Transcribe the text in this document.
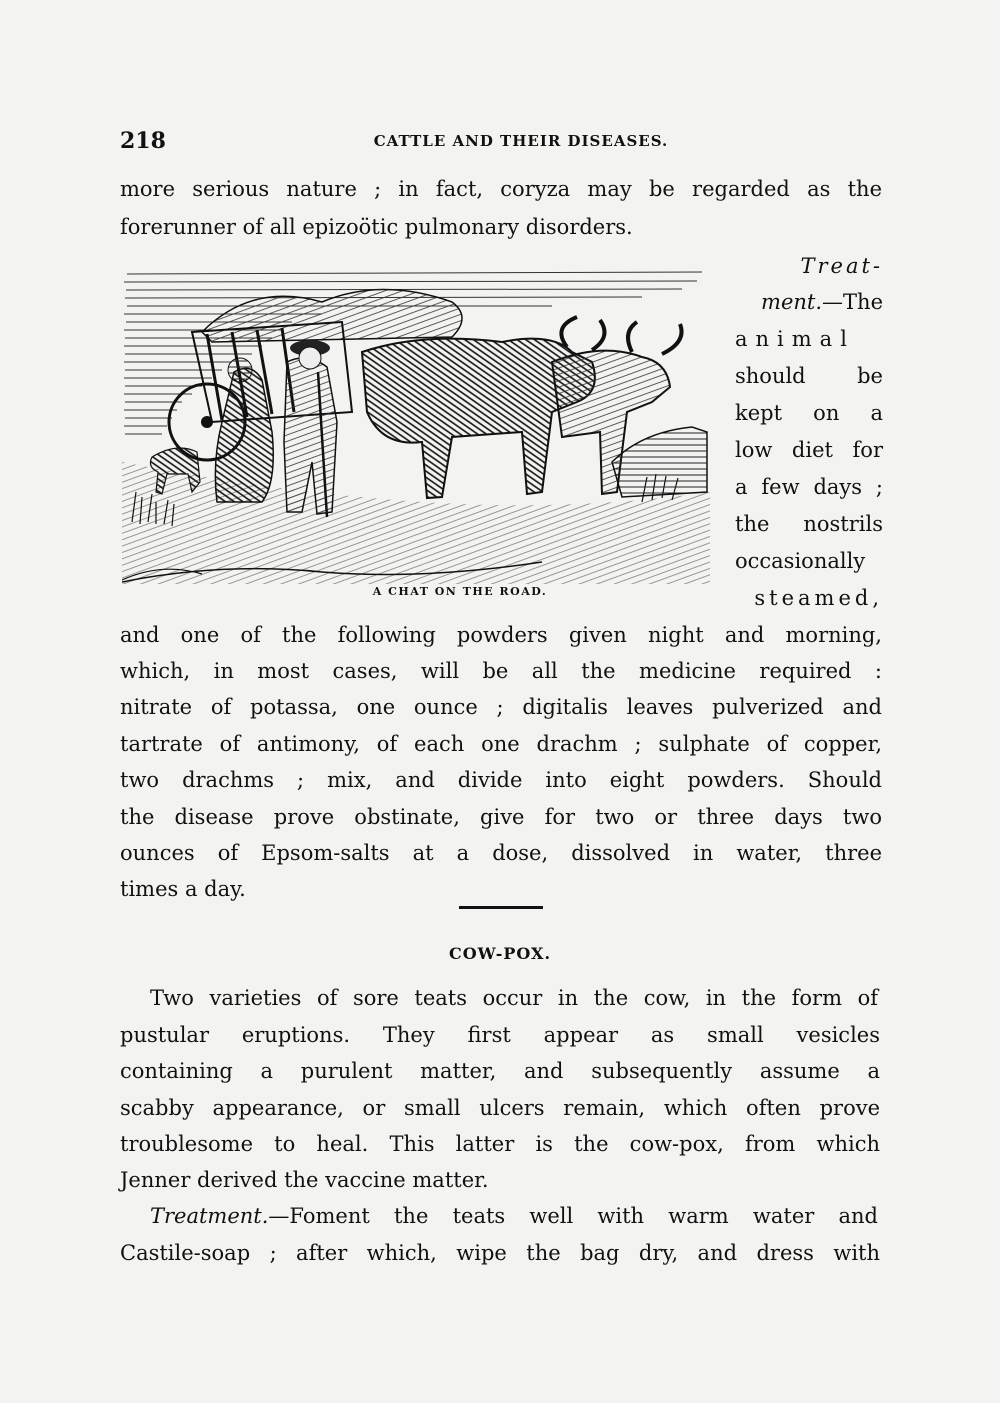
218	CATTLE AND THEIR DISEASES.
more serious nature ; in fact, coryza may be regarded as the
forerunner of all epizoötic pulmonary disorders.
Treat-
ment.—The
animal
should be
kept on a
low diet for
a few days ;
the nostrils
occasionally
steamed,
A CHAT ON THE ROAD.
and one of the following powders given night and morning,
which, in most cases, will be all the medicine required :
nitrate of potassa, one ounce ; digitalis leaves pulverized and
tartrate of antimony, of each one drachm ; sulphate of copper,
two drachms ; mix, and divide into eight powders. Should
the disease prove obstinate, give for two or three days two
ounces of Epsom-salts at a dose, dissolved in water, three
times a day.
COW-POX.
Two varieties of sore teats occur in the cow, in the form of
pustular eruptions. They first appear as small vesicles
containing a purulent matter, and subsequently assume a
scabby appearance, or small ulcers remain, which often prove
troublesome to heal. This latter is the cow-pox, from which
Jenner derived the vaccine matter.
Treatment.—Foment the teats well with warm water and
Castile-soap ; after which, wipe the bag dry, and dress with
